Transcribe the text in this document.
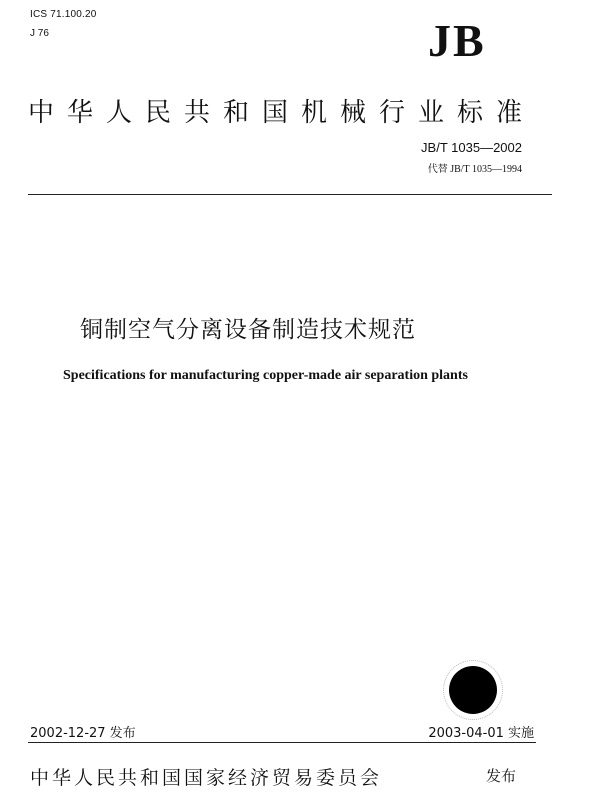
ICS 71.100.20
J 76	JB
中华人民共和国机械行业标准
JB/T 1035—2002
代替 JB/T 1035—1994
铜制空气分离设备制造技术规范
Specifications for manufacturing copper-made air separation plants
2002-12-27 发布	2003-04-01 实施
中华人民共和国国家经济贸易委员会	发布
